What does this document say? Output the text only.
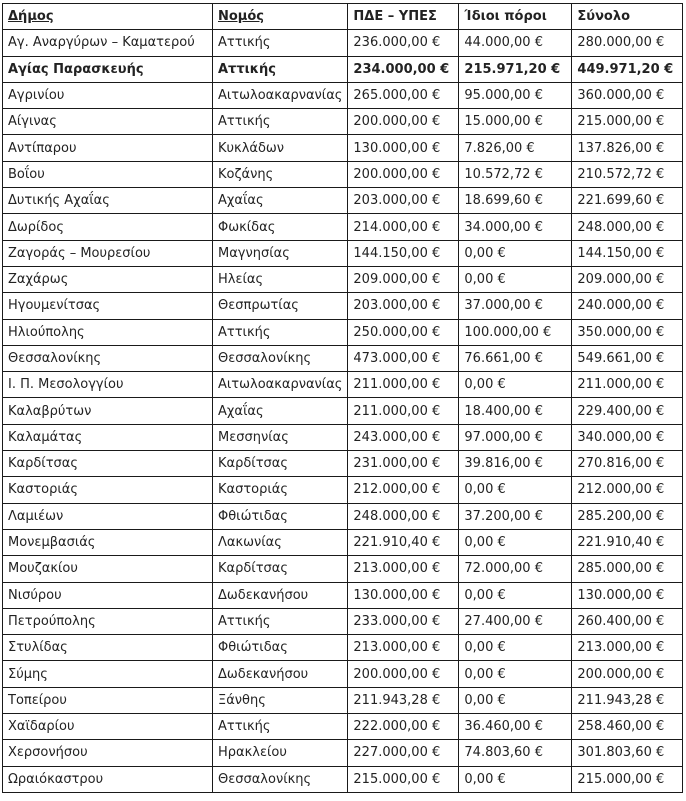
Δήμος	Νομός	ΠΔΕ – ΥΠΕΣ	Ίδιοι πόροι	Σύνολο
Αγ. Αναργύρων – Καματερού	Αττικής	236.000,00 €	44.000,00 €	280.000,00 €
Αγίας Παρασκευής	Αττικής	234.000,00 €	215.971,20 €	449.971,20 €
Αγρινίου	Αιτωλοακαρνανίας	265.000,00 €	95.000,00 €	360.000,00 €
Αίγινας	Αττικής	200.000,00 €	15.000,00 €	215.000,00 €
Αντίπαρου	Κυκλάδων	130.000,00 €	7.826,00 €	137.826,00 €
Βοΐου	Κοζάνης	200.000,00 €	10.572,72 €	210.572,72 €
Δυτικής Αχαΐας	Αχαΐας	203.000,00 €	18.699,60 €	221.699,60 €
Δωρίδος	Φωκίδας	214.000,00 €	34.000,00 €	248.000,00 €
Ζαγοράς – Μουρεσίου	Μαγνησίας	144.150,00 €	0,00 €	144.150,00 €
Ζαχάρως	Ηλείας	209.000,00 €	0,00 €	209.000,00 €
Ηγουμενίτσας	Θεσπρωτίας	203.000,00 €	37.000,00 €	240.000,00 €
Ηλιούπολης	Αττικής	250.000,00 €	100.000,00 €	350.000,00 €
Θεσσαλονίκης	Θεσσαλονίκης	473.000,00 €	76.661,00 €	549.661,00 €
Ι. Π. Μεσολογγίου	Αιτωλοακαρνανίας	211.000,00 €	0,00 €	211.000,00 €
Καλαβρύτων	Αχαΐας	211.000,00 €	18.400,00 €	229.400,00 €
Καλαμάτας	Μεσσηνίας	243.000,00 €	97.000,00 €	340.000,00 €
Καρδίτσας	Καρδίτσας	231.000,00 €	39.816,00 €	270.816,00 €
Καστοριάς	Καστοριάς	212.000,00 €	0,00 €	212.000,00 €
Λαμιέων	Φθιώτιδας	248.000,00 €	37.200,00 €	285.200,00 €
Μονεμβασιάς	Λακωνίας	221.910,40 €	0,00 €	221.910,40 €
Μουζακίου	Καρδίτσας	213.000,00 €	72.000,00 €	285.000,00 €
Νισύρου	Δωδεκανήσου	130.000,00 €	0,00 €	130.000,00 €
Πετρούπολης	Αττικής	233.000,00 €	27.400,00 €	260.400,00 €
Στυλίδας	Φθιώτιδας	213.000,00 €	0,00 €	213.000,00 €
Σύμης	Δωδεκανήσου	200.000,00 €	0,00 €	200.000,00 €
Τοπείρου	Ξάνθης	211.943,28 €	0,00 €	211.943,28 €
Χαϊδαρίου	Αττικής	222.000,00 €	36.460,00 €	258.460,00 €
Χερσονήσου	Ηρακλείου	227.000,00 €	74.803,60 €	301.803,60 €
Ωραιόκαστρου	Θεσσαλονίκης	215.000,00 €	0,00 €	215.000,00 €
